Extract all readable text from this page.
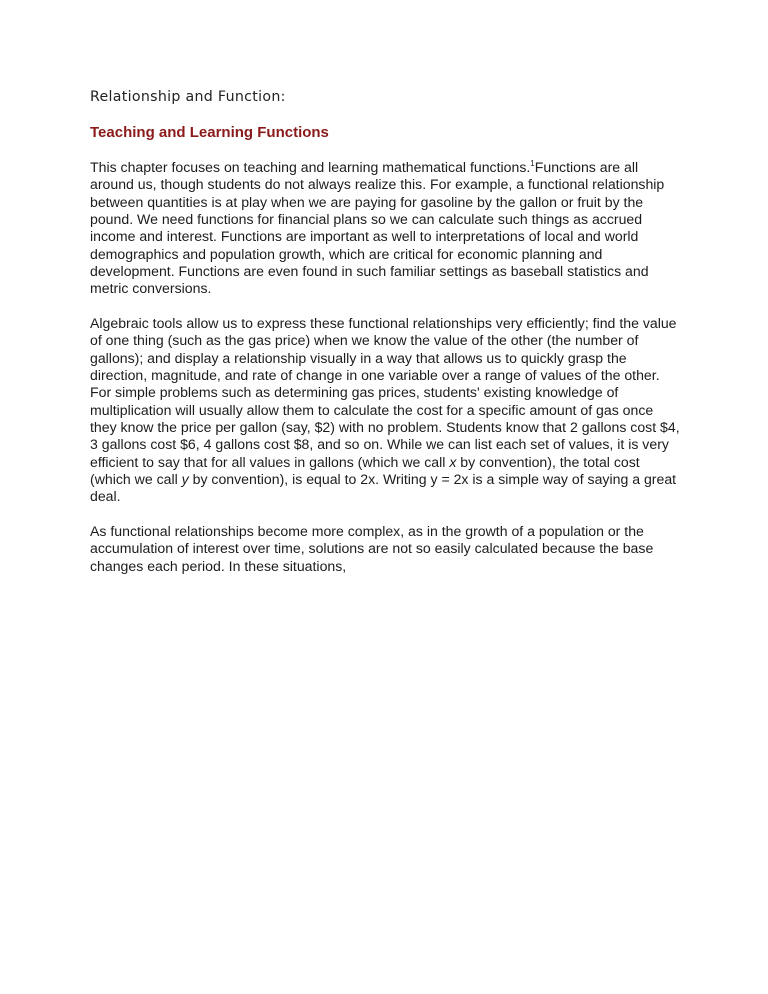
Relationship and Function:
Teaching and Learning Functions

This chapter focuses on teaching and learning mathematical functions.$^1$Functions are all around us, though students do not always realize this. For example, a functional relationship between quantities is at play when we are paying for gasoline by the gallon or fruit by the pound. We need functions for financial plans so we can calculate such things as accrued income and interest. Functions are important as well to interpretations of local and world demographics and population growth, which are critical for economic planning and development. Functions are even found in such familiar settings as baseball statistics and metric conversions.

Algebraic tools allow us to express these functional relationships very efficiently; find the value of one thing (such as the gas price) when we know the value of the other (the number of gallons); and display a relationship visually in a way that allows us to quickly grasp the direction, magnitude, and rate of change in one variable over a range of values of the other. For simple problems such as determining gas prices, students' existing knowledge of multiplication will usually allow them to calculate the cost for a specific amount of gas once they know the price per gallon (say, $2) with no problem. Students know that 2 gallons cost $4, 3 gallons cost $6, 4 gallons cost $8, and so on. While we can list each set of values, it is very efficient to say that for all values in gallons (which we call x by convention), the total cost (which we call y by convention), is equal to 2x. Writing y = 2x is a simple way of saying a great deal.

As functional relationships become more complex, as in the growth of a population or the accumulation of interest over time, solutions are not so easily calculated because the base changes each period. In these situations,
